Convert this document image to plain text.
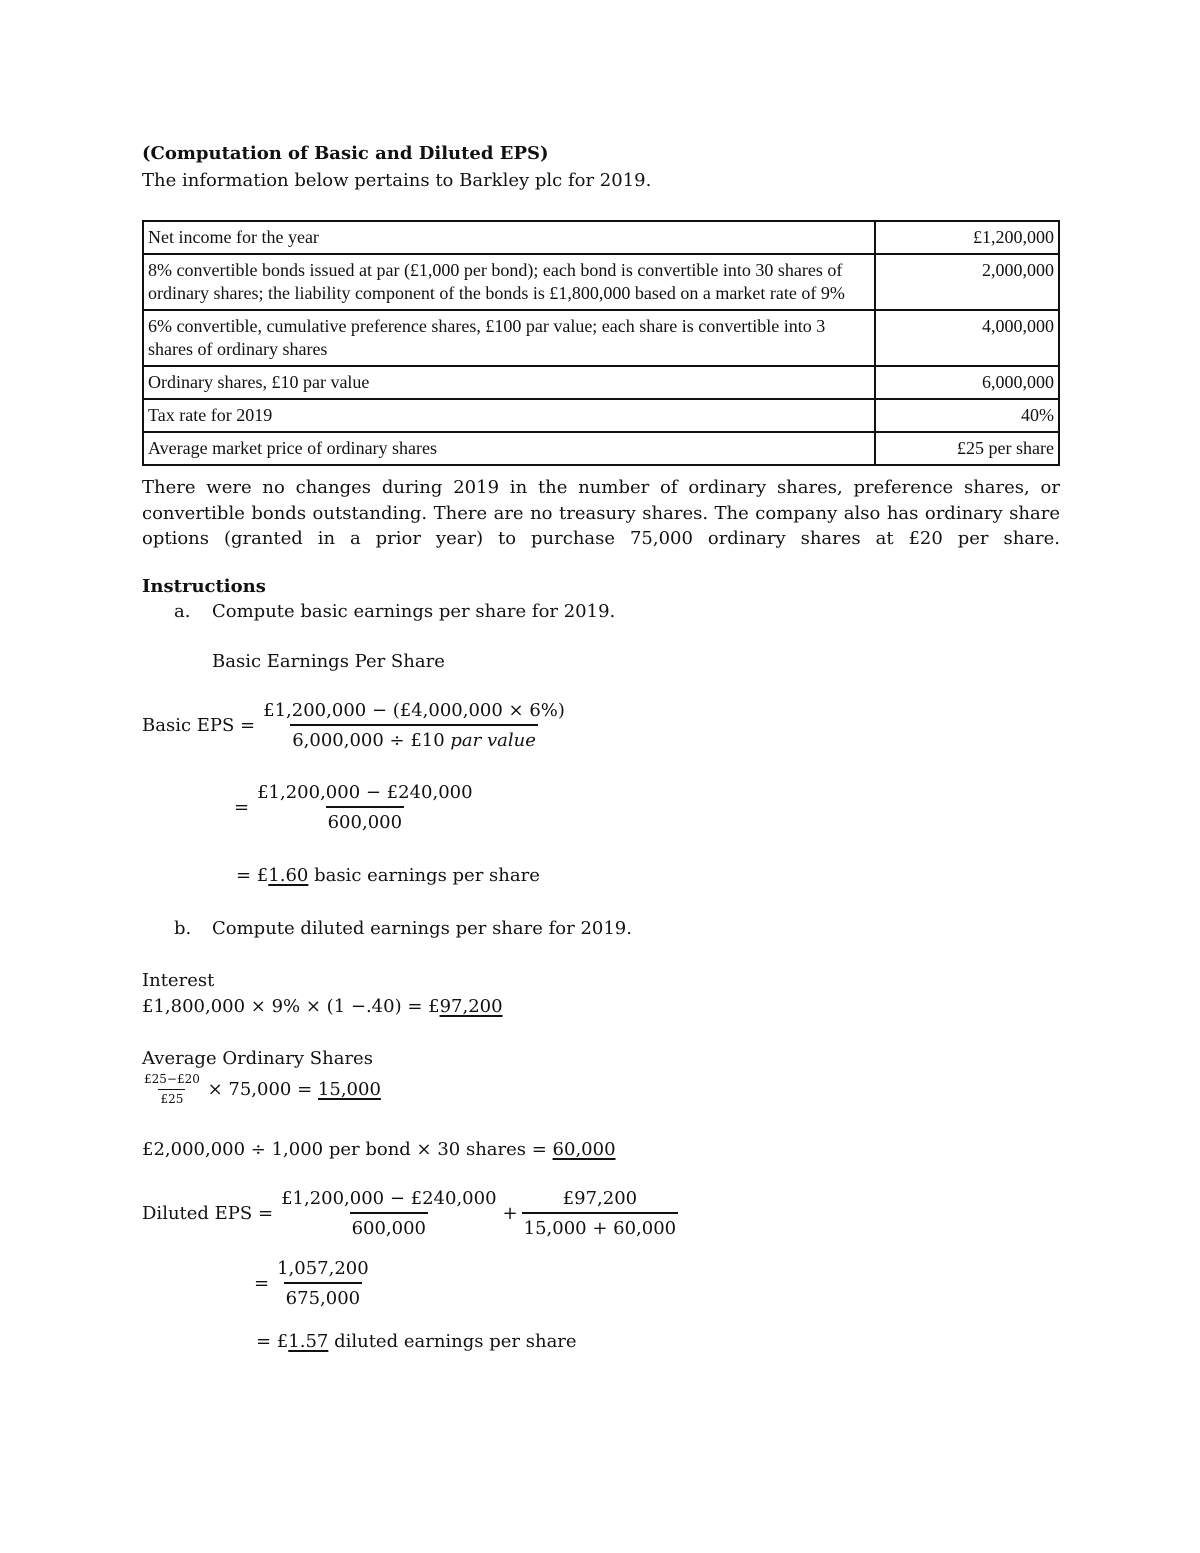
(Computation of Basic and Diluted EPS)
The information below pertains to Barkley plc for 2019.
Net income for the year	£1,200,000
8% convertible bonds issued at par (£1,000 per bond); each bond is convertible into 30 shares of ordinary shares; the liability component of the bonds is £1,800,000 based on a market rate of 9%	2,000,000
6% convertible, cumulative preference shares, £100 par value; each share is convertible into 3 shares of ordinary shares	4,000,000
Ordinary shares, £10 par value	6,000,000
Tax rate for 2019	40%
Average market price of ordinary shares	£25 per share
There were no changes during 2019 in the number of ordinary shares, preference shares, or convertible bonds outstanding. There are no treasury shares. The company also has ordinary share options (granted in a prior year) to purchase 75,000 ordinary shares at £20 per share.
Instructions
a. Compute basic earnings per share for 2019.
Basic Earnings Per Share
Basic EPS = $\frac{£1,200,000 - (£4,000,000 \times 6\%)}{\text{6,000,000 ÷ £10 par value}}$
= $\frac{£1,200,000 - £240,000}{600,000}$
= £1.60 basic earnings per share
b. Compute diluted earnings per share for 2019.
Interest
£1,800,000 × 9% × (1 −.40) = £97,200
Average Ordinary Shares
$\frac{£25-£20}{£25} \times 75,000 = 15,000$
£2,000,000 ÷ 1,000 per bond × 30 shares = 60,000
Diluted EPS = $\frac{£1,200,000 - £240,000}{600,000} + \frac{£97,200}{15,000 + 60,000}$
= $\frac{1,057,200}{675,000}$
= £1.57 diluted earnings per share
